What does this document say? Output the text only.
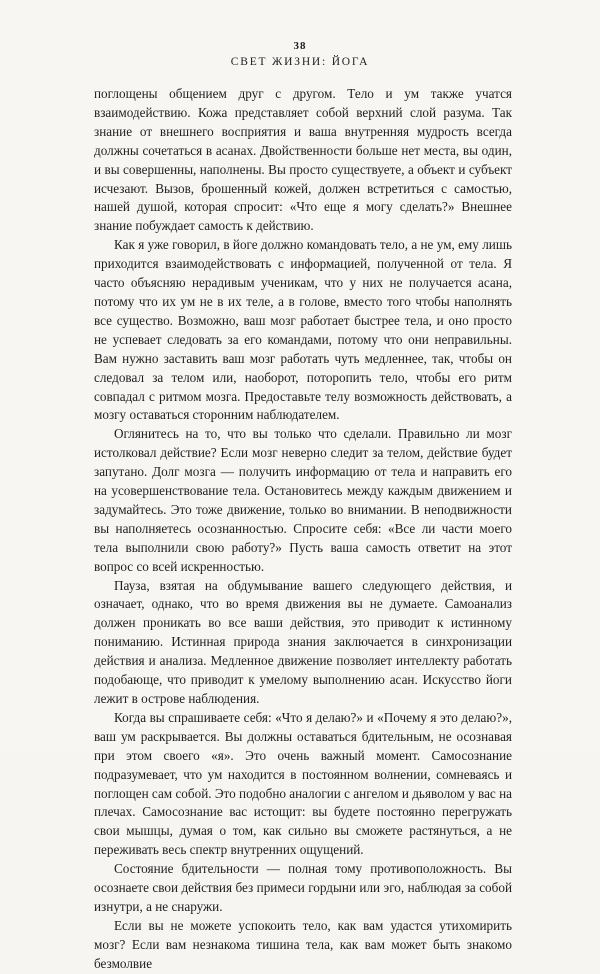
38
СВЕТ ЖИЗНИ: ЙОГА

поглощены общением друг с другом. Тело и ум также учатся взаимодействию. Кожа представляет собой верхний слой разума. Так знание от внешнего восприятия и ваша внутренняя мудрость всегда должны сочетаться в асанах. Двойственности больше нет места, вы один, и вы совершенны, наполнены. Вы просто существуете, а объект и субъект исчезают. Вызов, брошенный кожей, должен встретиться с самостью, нашей душой, которая спросит: «Что еще я могу сделать?» Внешнее знание побуждает самость к действию.

Как я уже говорил, в йоге должно командовать тело, а не ум, ему лишь приходится взаимодействовать с информацией, полученной от тела. Я часто объясняю нерадивым ученикам, что у них не получается асана, потому что их ум не в их теле, а в голове, вместо того чтобы наполнять все существо. Возможно, ваш мозг работает быстрее тела, и оно просто не успевает следовать за его командами, потому что они неправильны. Вам нужно заставить ваш мозг работать чуть медленнее, так, чтобы он следовал за телом или, наоборот, поторопить тело, чтобы его ритм совпадал с ритмом мозга. Предоставьте телу возможность действовать, а мозгу оставаться сторонним наблюдателем.

Оглянитесь на то, что вы только что сделали. Правильно ли мозг истолковал действие? Если мозг неверно следит за телом, действие будет запутано. Долг мозга — получить информацию от тела и направить его на усовершенствование тела. Остановитесь между каждым движением и задумайтесь. Это тоже движение, только во внимании. В неподвижности вы наполняетесь осознанностью. Спросите себя: «Все ли части моего тела выполнили свою работу?» Пусть ваша самость ответит на этот вопрос со всей искренностью.

Пауза, взятая на обдумывание вашего следующего действия, и означает, однако, что во время движения вы не думаете. Самоанализ должен проникать во все ваши действия, это приводит к истинному пониманию. Истинная природа знания заключается в синхронизации действия и анализа. Медленное движение позволяет интеллекту работать подобающе, что приводит к умелому выполнению асан. Искусство йоги лежит в острове наблюдения.

Когда вы спрашиваете себя: «Что я делаю?» и «Почему я это делаю?», ваш ум раскрывается. Вы должны оставаться бдительным, не осознавая при этом своего «я». Это очень важный момент. Самосознание подразумевает, что ум находится в постоянном волнении, сомневаясь и поглощен сам собой. Это подобно аналогии с ангелом и дьяволом у вас на плечах. Самосознание вас истощит: вы будете постоянно перегружать свои мышцы, думая о том, как сильно вы сможете растянуться, а не переживать весь спектр внутренних ощущений.

Состояние бдительности — полная тому противоположность. Вы осознаете свои действия без примеси гордыни или эго, наблюдая за собой изнутри, а не снаружи.

Если вы не можете успокоить тело, как вам удастся утихомирить мозг? Если вам незнакома тишина тела, как вам может быть знакомо безмолвие
